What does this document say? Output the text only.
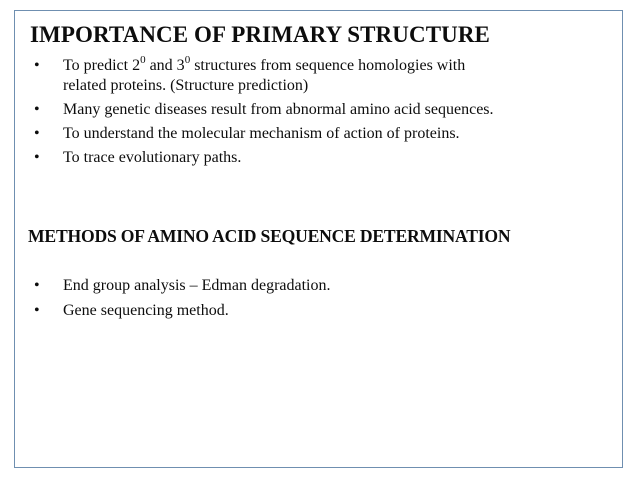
IMPORTANCE OF PRIMARY STRUCTURE
• To predict $2^0$ and $3^0$ structures from sequence homologies with
related proteins. (Structure prediction)
• Many genetic diseases result from abnormal amino acid sequences.
• To understand the molecular mechanism of action of proteins.
• To trace evolutionary paths.
METHODS OF AMINO ACID SEQUENCE DETERMINATION
• End group analysis – Edman degradation.
• Gene sequencing method.
